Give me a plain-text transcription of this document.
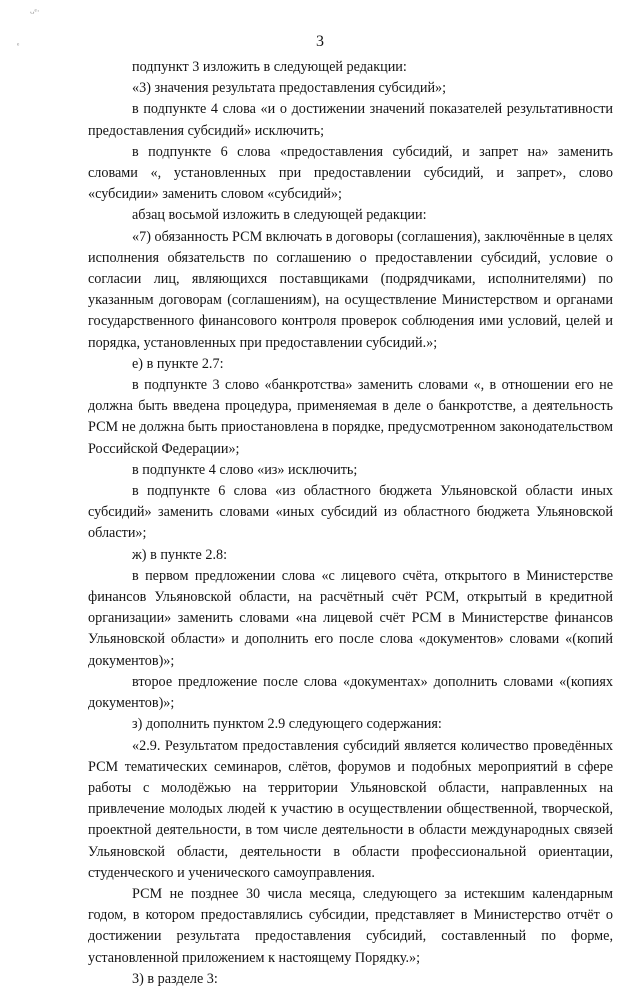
ᴗᵉ·
ᵉ	3

подпункт 3 изложить в следующей редакции:

«3) значения результата предоставления субсидий»;

в подпункте 4 слова «и о достижении значений показателей результативности предоставления субсидий» исключить;

в подпункте 6 слова «предоставления субсидий, и запрет на» заменить словами «, установленных при предоставлении субсидий, и запрет», слово «субсидии» заменить словом «субсидий»;

абзац восьмой изложить в следующей редакции:

«7) обязанность РСМ включать в договоры (соглашения), заключённые в целях исполнения обязательств по соглашению о предоставлении субсидий, условие о согласии лиц, являющихся поставщиками (подрядчиками, исполнителями) по указанным договорам (соглашениям), на осуществление Министерством и органами государственного финансового контроля проверок соблюдения ими условий, целей и порядка, установленных при предоставлении субсидий.»;

е) в пункте 2.7:

в подпункте 3 слово «банкротства» заменить словами «, в отношении его не должна быть введена процедура, применяемая в деле о банкротстве, а деятельность РСМ не должна быть приостановлена в порядке, предусмотренном законодательством Российской Федерации»;

в подпункте 4 слово «из» исключить;

в подпункте 6 слова «из областного бюджета Ульяновской области иных субсидий» заменить словами «иных субсидий из областного бюджета Ульяновской области»;

ж) в пункте 2.8:

в первом предложении слова «с лицевого счёта, открытого в Министерстве финансов Ульяновской области, на расчётный счёт РСМ, открытый в кредитной организации» заменить словами «на лицевой счёт РСМ в Министерстве финансов Ульяновской области» и дополнить его после слова «документов» словами «(копий документов)»;

второе предложение после слова «документах» дополнить словами «(копиях документов)»;

з) дополнить пунктом 2.9 следующего содержания:

«2.9. Результатом предоставления субсидий является количество проведённых РСМ тематических семинаров, слётов, форумов и подобных мероприятий в сфере работы с молодёжью на территории Ульяновской области, направленных на привлечение молодых людей к участию в осуществлении общественной, творческой, проектной деятельности, в том числе деятельности в области международных связей Ульяновской области, деятельности в области профессиональной ориентации, студенческого и ученического самоуправления.

РСМ не позднее 30 числа месяца, следующего за истекшим календарным годом, в котором предоставлялись субсидии, представляет в Министерство отчёт о достижении результата предоставления субсидий, составленный по форме, установленной приложением к настоящему Порядку.»;

3) в разделе 3:
